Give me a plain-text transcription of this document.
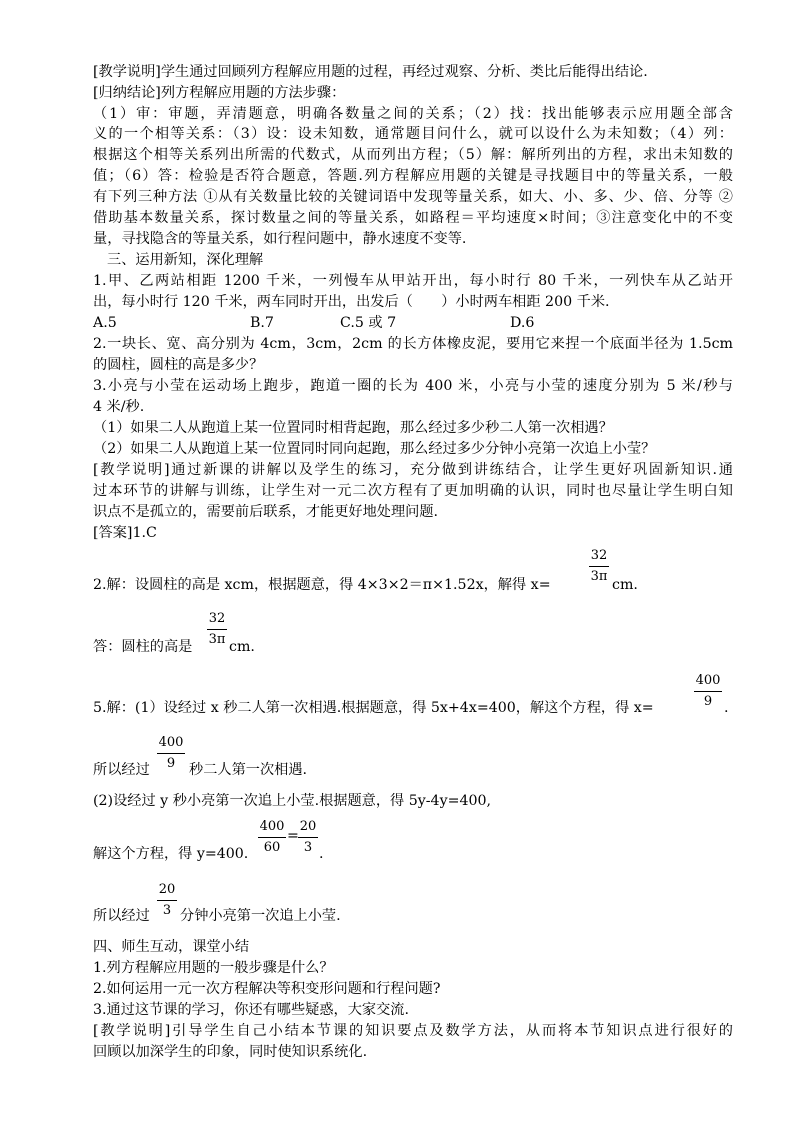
[教学说明]学生通过回顾列方程解应用题的过程，再经过观察、分析、类比后能得出结论.
[归纳结论]列方程解应用题的方法步骤：
（1）审：审题，弄清题意，明确各数量之间的关系；（2）找：找出能够表示应用题全部含
义的一个相等关系：（3）设：设未知数，通常题目问什么，就可以设什么为未知数；（4）列：
根据这个相等关系列出所需的代数式，从而列出方程；（5）解：解所列出的方程，求出未知数的
值；（6）答：检验是否符合题意，答题.列方程解应用题的关键是寻找题目中的等量关系，一般
有下列三种方法 ①从有关数量比较的关键词语中发现等量关系，如大、小、多、少、倍、分等 ②
借助基本数量关系，探讨数量之间的等量关系，如路程＝平均速度×时间；③注意变化中的不变
量，寻找隐含的等量关系，如行程问题中，静水速度不变等.
三、运用新知，深化理解
1.甲、乙两站相距 1200 千米，一列慢车从甲站开出，每小时行 80 千米，一列快车从乙站开
出，每小时行 120 千米，两车同时开出，出发后（　　）小时两车相距 200 千米.
A.5	B.7	C.5 或 7	D.6
2.一块长、宽、高分别为 4cm，3cm，2cm 的长方体橡皮泥，要用它来捏一个底面半径为 1.5cm
的圆柱，圆柱的高是多少？
3.小亮与小莹在运动场上跑步，跑道一圈的长为 400 米，小亮与小莹的速度分别为 5 米/秒与
4 米/秒.
（1）如果二人从跑道上某一位置同时相背起跑，那么经过多少秒二人第一次相遇？
（2）如果二人从跑道上某一位置同时同向起跑，那么经过多少分钟小亮第一次追上小莹？
[教学说明]通过新课的讲解以及学生的练习，充分做到讲练结合，让学生更好巩固新知识.通
过本环节的讲解与训练，让学生对一元二次方程有了更加明确的认识，同时也尽量让学生明白知
识点不是孤立的，需要前后联系，才能更好地处理问题.
[答案]1.C
2.解：设圆柱的高是 xcm，根据题意，得 4×3×2＝π×1.52x，解得 x=
32
3π
cm.
答：圆柱的高是
32
3π cm.
5.解：(1）设经过 x 秒二人第一次相遇.根据题意，得 5x+4x=400，解这个方程，得 x=
400
9 .
所以经过
400
9 秒二人第一次相遇.
(2)设经过 y 秒小亮第一次追上小莹.根据题意，得 5y-4y=400,
解这个方程，得 y=400.
400
60
=
20
3 .
所以经过
20
3 分钟小亮第一次追上小莹.
四、师生互动，课堂小结
1.列方程解应用题的一般步骤是什么？
2.如何运用一元一次方程解决等积变形问题和行程问题?
3.通过这节课的学习，你还有哪些疑惑，大家交流.
[教学说明]引导学生自己小结本节课的知识要点及数学方法，从而将本节知识点进行很好的
回顾以加深学生的印象，同时使知识系统化.
